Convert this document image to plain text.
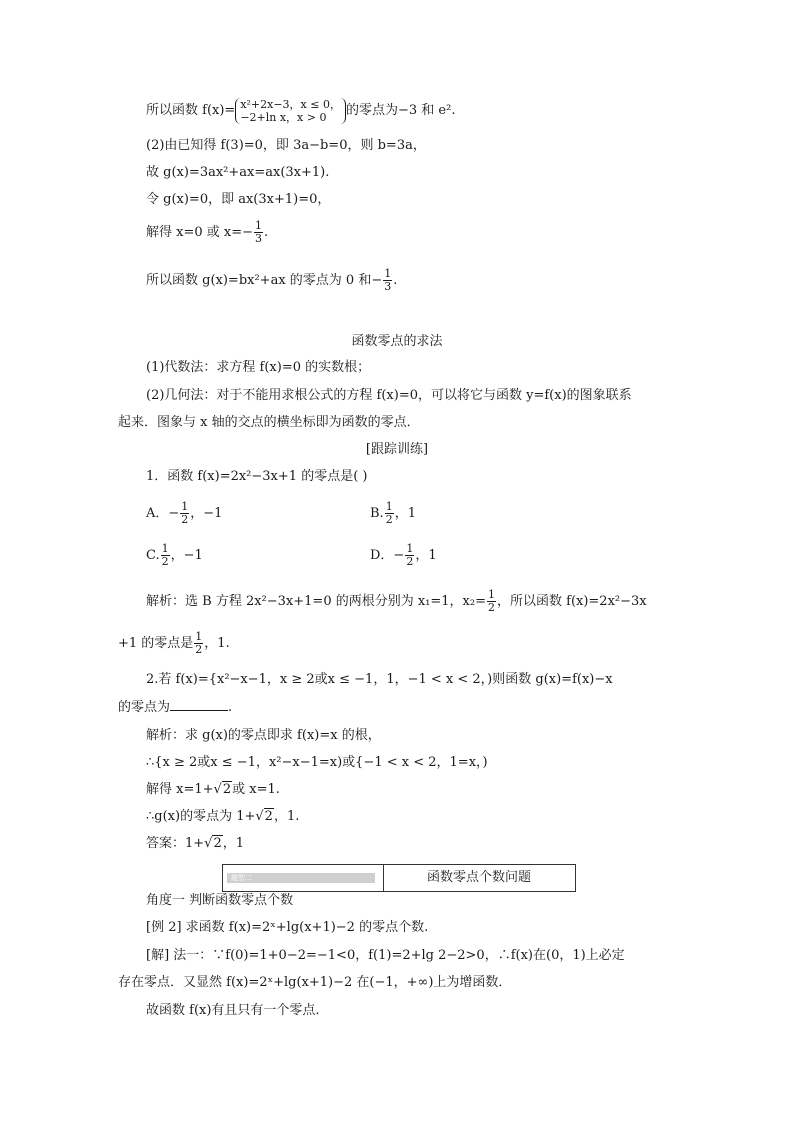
所以函数 f(x)= x²+2x−3，x ≤ 0，
−2+ln x，x > 0	的零点为−3 和 e².
(2)由已知得 f(3)=0，即 3a−b=0，则 b=3a，
故 g(x)=3ax²+ax=ax(3x+1).
令 g(x)=0，即 ax(3x+1)=0，
解得 x=0 或 $x=- \frac{1}{3}$ .
所以函数 g(x)=bx²+ax 的零点为 0 和− $\frac{1}{3}$ .
函数零点的求法
(1)代数法：求方程 f(x)=0 的实数根；
(2)几何法：对于不能用求根公式的方程 f(x)=0，可以将它与函数 y=f(x)的图象联系
起来．图象与 x 轴的交点的横坐标即为函数的零点．
[跟踪训练]
1．函数 f(x)=2x²−3x+1 的零点是( )
A．− $\frac{1}{2}$ ，−1	B. $\frac{1}{2}$ ，1
C. $\frac{1}{2}$ ，−1	D．− $\frac{1}{2}$ ，1
解析：选 B 方程 2x²−3x+1=0 的两根分别为 x₁=1，$x_2= \frac{1}{2}$ ，所以函数 f(x)=2x²−3x
+1 的零点是 $\frac{1}{2}$ ，1.
2.若 f(x)={x²−x−1，x ≥ 2或x ≤ −1，1，−1 < x < 2，)则函数 g(x)=f(x)−x
的零点为	.
解析：求 g(x)的零点即求 f(x)=x 的根，
∴{x ≥ 2或x ≤ −1，x²−x−1=x)或{−1 < x < 2，1=x，)
解得 x=1+√2或 x=1.
∴g(x)的零点为 1+√2，1.
答案：1+√2，1
题型二	函数零点个数问题
角度一 判断函数零点个数
[例 2] 求函数 f(x)=2ˣ+lg(x+1)−2 的零点个数.
[解] 法一：∵f(0)=1+0−2=−1<0，f(1)=2+lg 2−2>0，∴f(x)在(0，1)上必定
存在零点．又显然 f(x)=2ˣ+lg(x+1)−2 在(−1，+∞)上为增函数．
故函数 f(x)有且只有一个零点．
